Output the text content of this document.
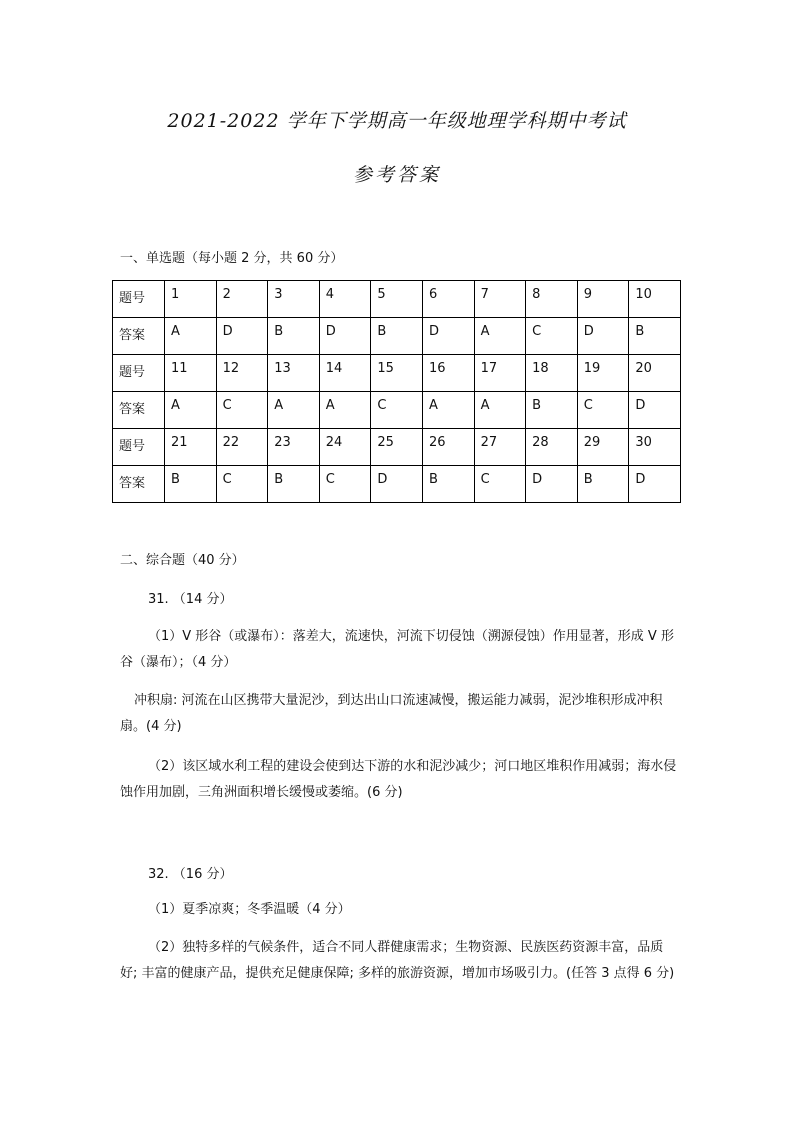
2021-2022 学年下学期高一年级地理学科期中考试
参考答案
一、单选题（每小题 2 分，共 60 分）
题号	1	2	3	4	5	6	7	8	9	10
答案	A	D	B	D	B	D	A	C	D	B
题号	11	12	13	14	15	16	17	18	19	20
答案	A	C	A	A	C	A	A	B	C	D
题号	21	22	23	24	25	26	27	28	29	30
答案	B	C	B	C	D	B	C	D	B	D
二、综合题（40 分）

31. （14 分）

（1）V 形谷（或瀑布）：落差大，流速快，河流下切侵蚀（溯源侵蚀）作用显著，形成 V 形谷（瀑布）；（4 分）

冲积扇: 河流在山区携带大量泥沙，到达出山口流速减慢，搬运能力减弱，泥沙堆积形成冲积扇。(4 分)

（2）该区域水利工程的建设会使到达下游的水和泥沙减少；河口地区堆积作用减弱；海水侵蚀作用加剧，三角洲面积增长缓慢或萎缩。(6 分)

32. （16 分）

（1）夏季凉爽；冬季温暖（4 分）

（2）独特多样的气候条件，适合不同人群健康需求；生物资源、民族医药资源丰富，品质好; 丰富的健康产品，提供充足健康保障; 多样的旅游资源，增加市场吸引力。(任答 3 点得 6 分)
